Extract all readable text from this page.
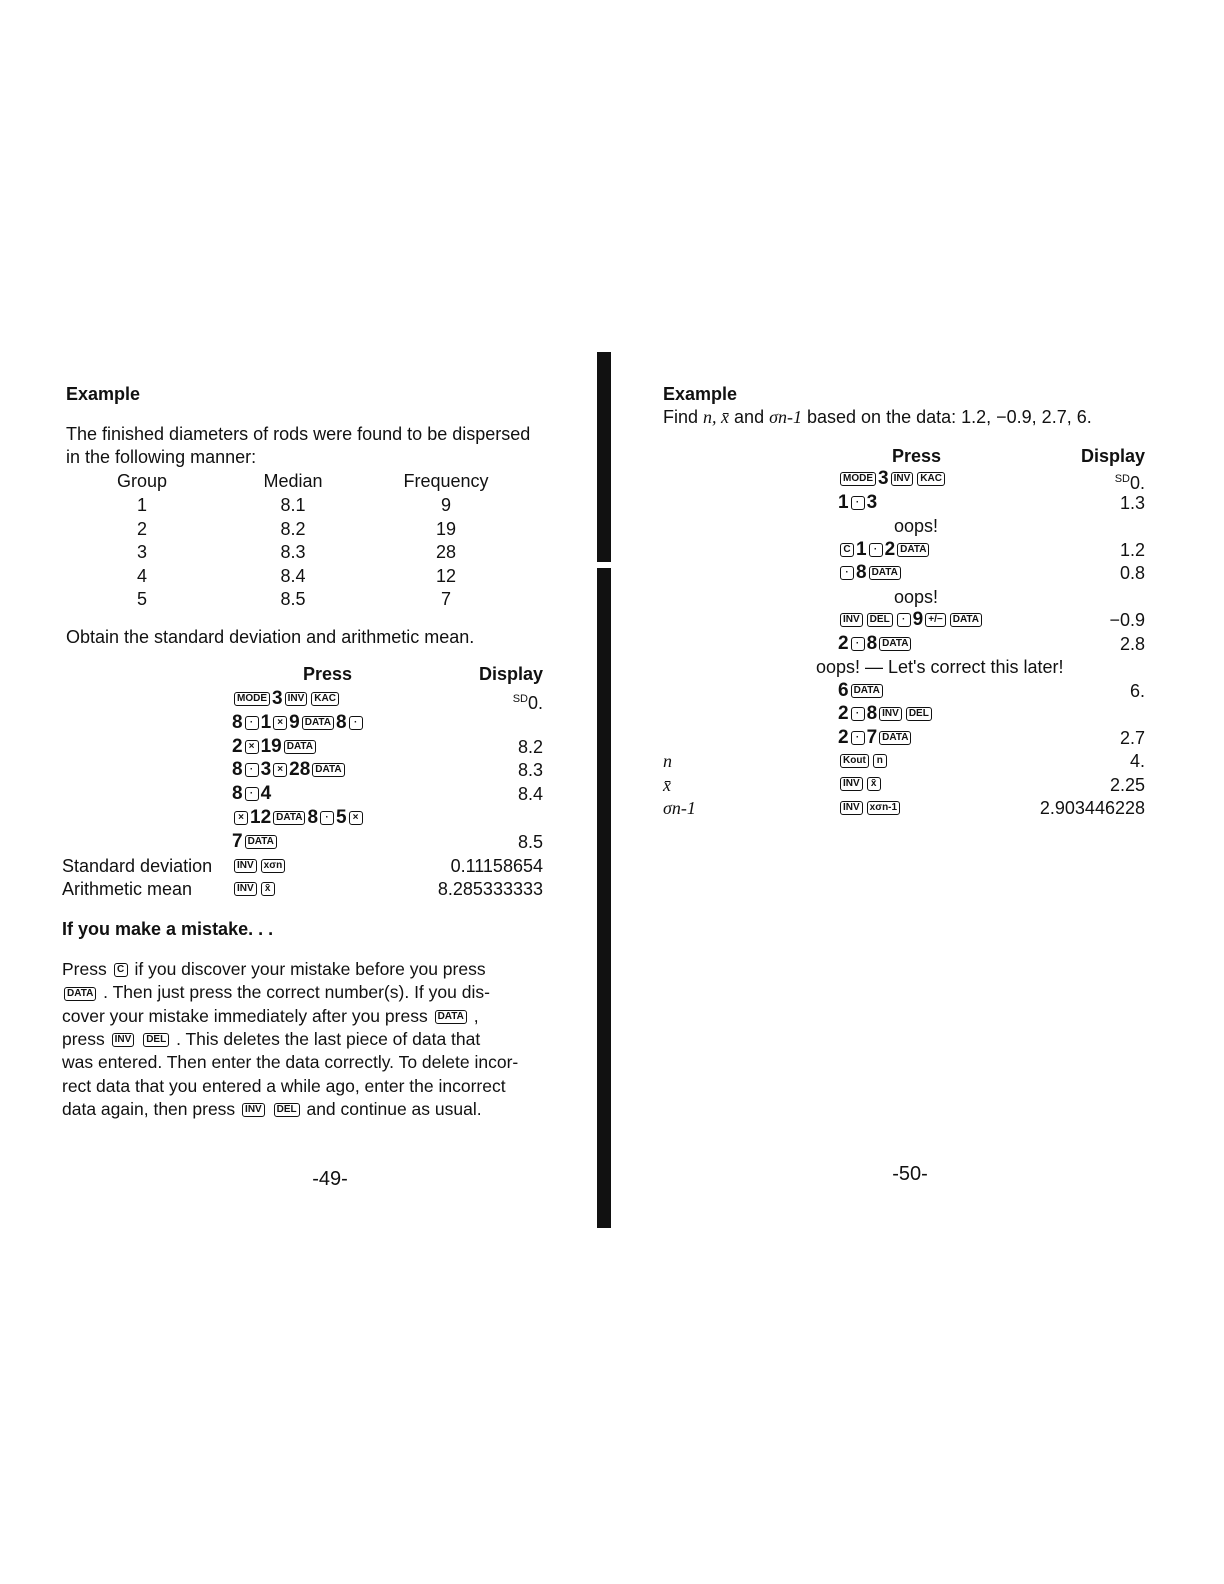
Example
The finished diameters of rods were found to be dispersed
in the following manner:
Group	Median	Frequency
1	8.1	9
2	8.2	19
3	8.3	28
4	8.4	12
5	8.5	7
Obtain the standard deviation and arithmetic mean.
Press	Display
MODE 3 INV KAC	$^{SD}$0.
8 · 1 × 9 DATA 8 ·
2 × 19 DATA	8.2
8 · 3 × 28 DATA	8.3
8 · 4	8.4
× 12 DATA 8 · 5 ×
7 DATA	8.5
Standard deviation	INV xσn	0.11158654
Arithmetic mean	INV x̄	8.285333333
If you make a mistake. . .
Press C if you discover your mistake before you press
DATA . Then just press the correct number(s). If you dis-
cover your mistake immediately after you press DATA ,
press INV DEL . This deletes the last piece of data that
was entered. Then enter the data correctly. To delete incor-
rect data that you entered a while ago, enter the incorrect
data again, then press INV DEL and continue as usual.
-49-
Example
Find n, x̄ and σn-1 based on the data: 1.2, −0.9, 2.7, 6.
Press	Display
MODE 3 INV KAC	$^{SD}$0.
1 · 3	1.3
oops!
C 1 · 2 DATA	1.2
· 8 DATA	0.8
oops!
INV DEL · 9 +/− DATA	−0.9
2 · 8 DATA	2.8
oops! — Let's correct this later!
6 DATA	6.
2 · 8 INV DEL
2 · 7 DATA	2.7
n	Kout n	4.
x̄	INV x̄	2.25
σn-1	INV xσn-1	2.903446228
-50-
